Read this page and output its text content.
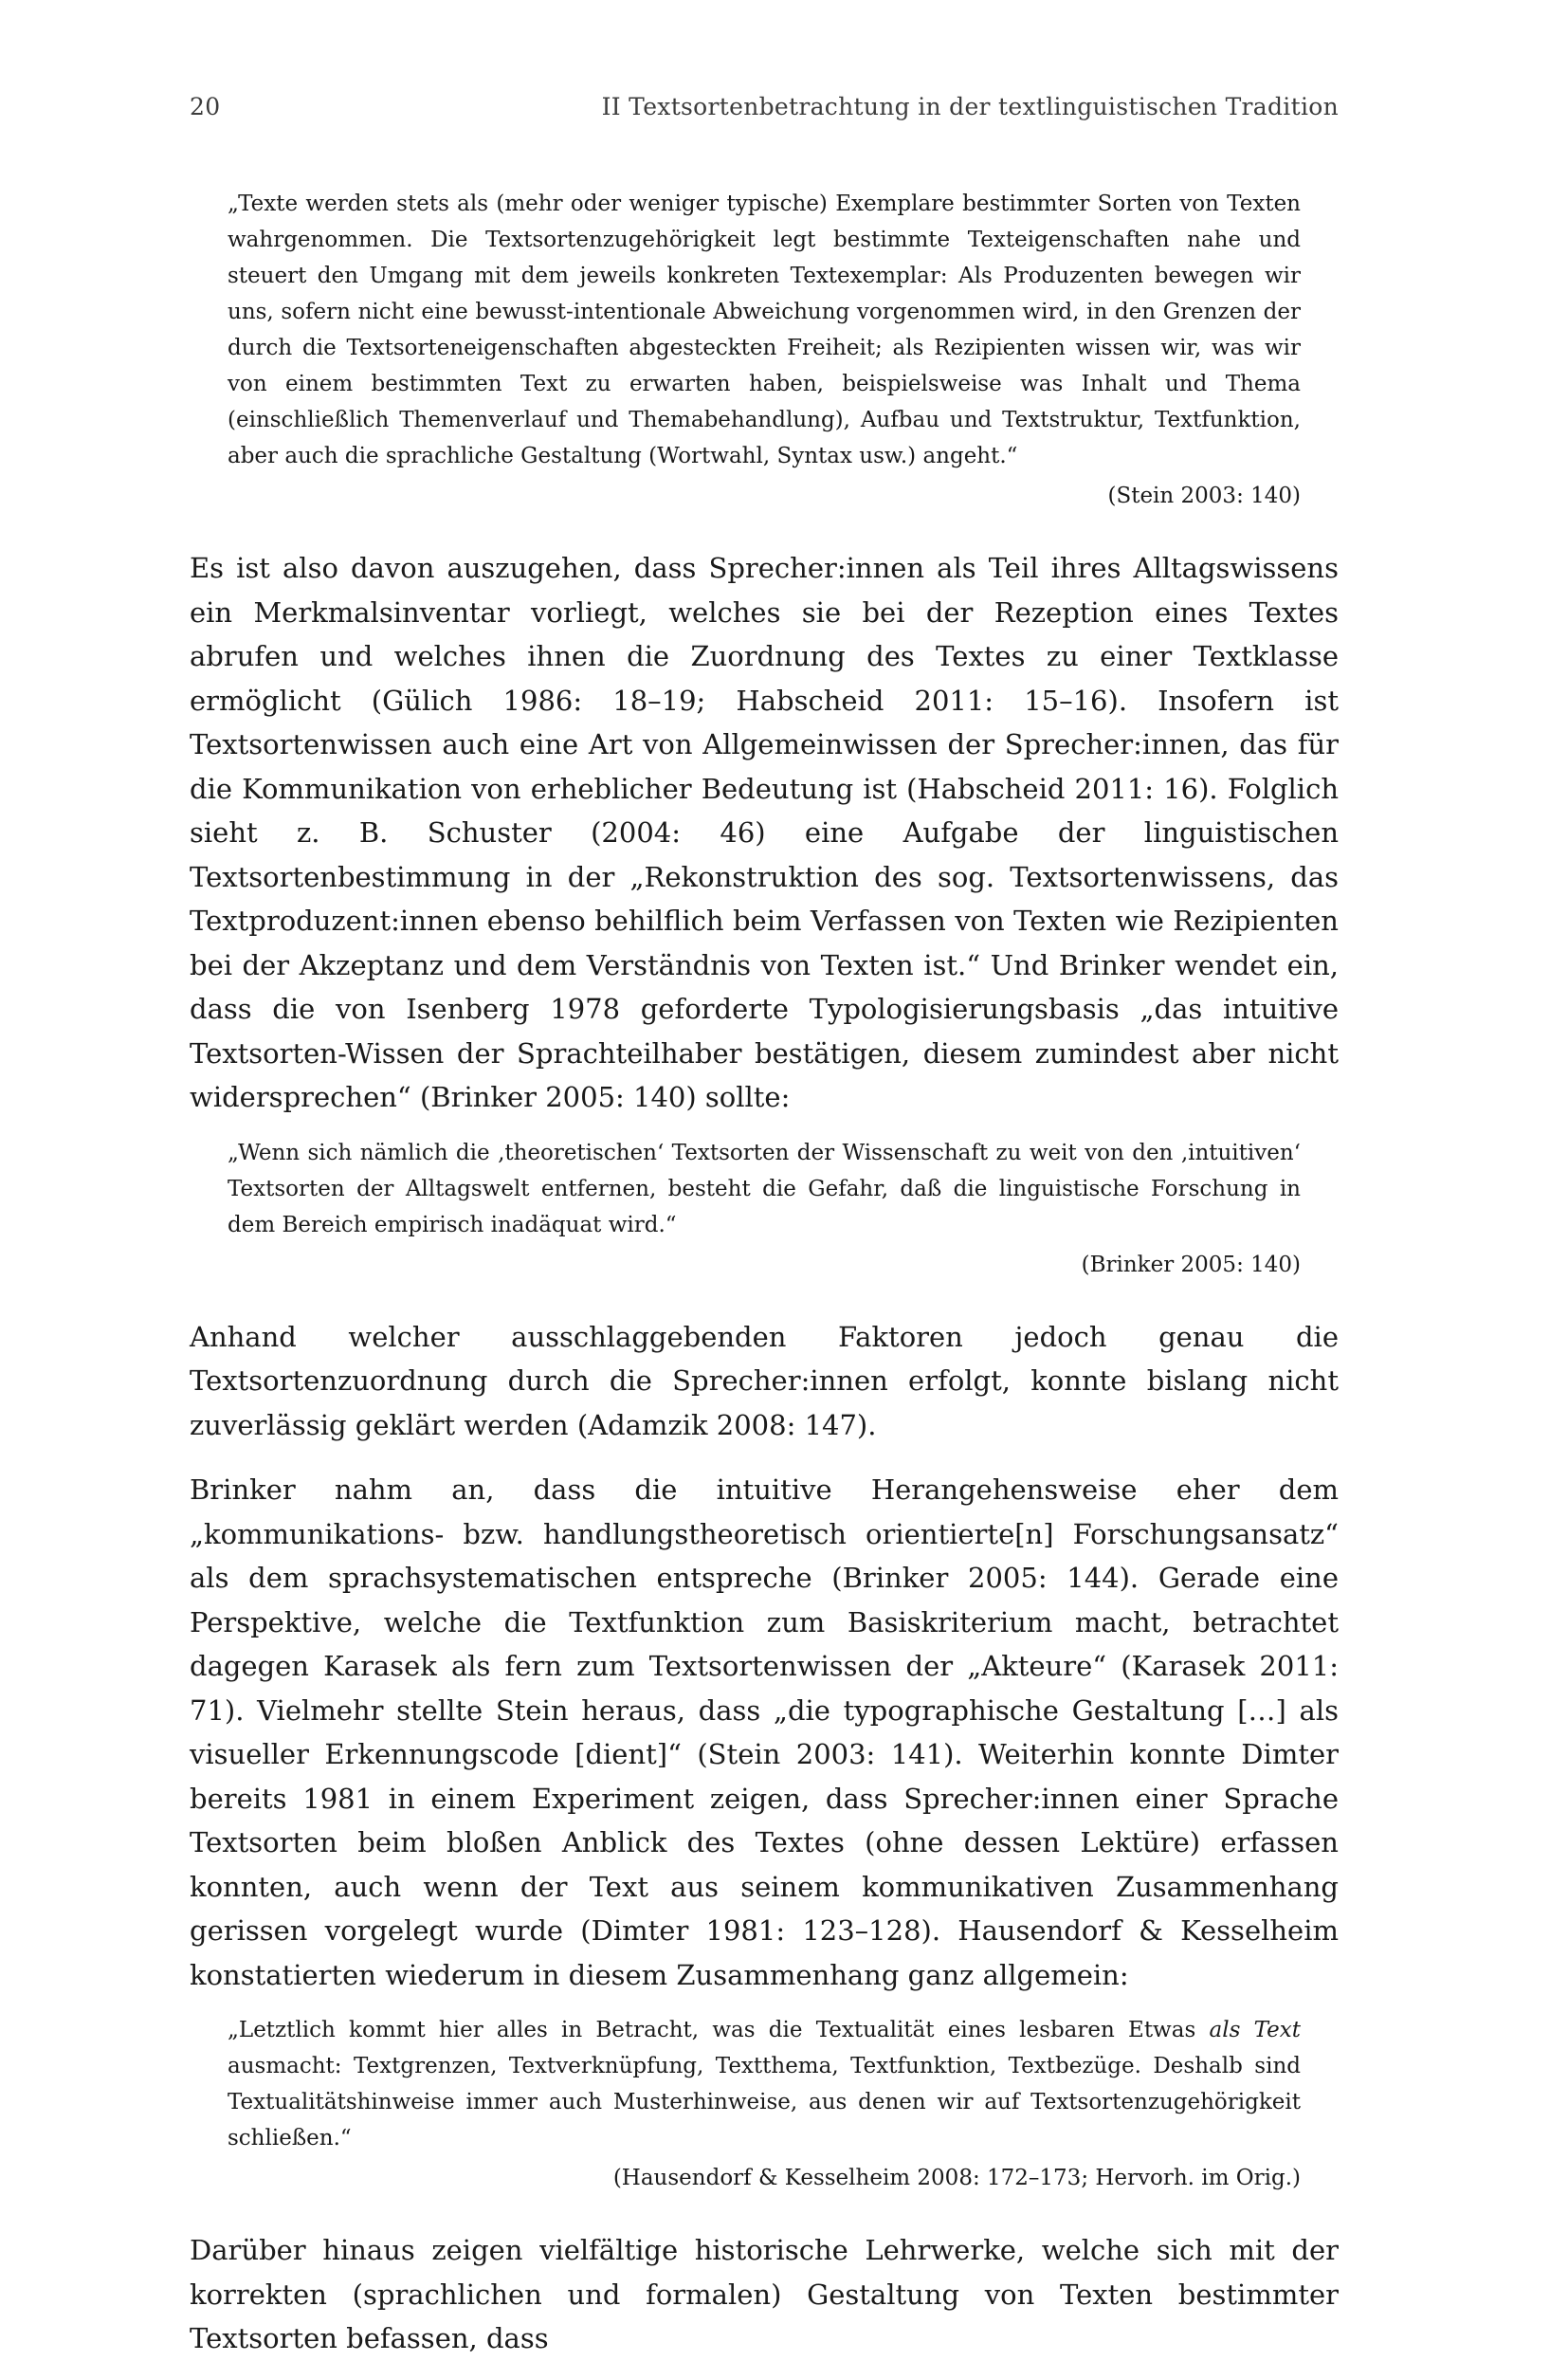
20	II Textsortenbetrachtung in der textlinguistischen Tradition
„Texte werden stets als (mehr oder weniger typische) Exemplare bestimmter Sorten von Texten wahrgenommen. Die Textsortenzugehörigkeit legt bestimmte Texteigenschaften nahe und steuert den Umgang mit dem jeweils konkreten Textexemplar: Als Produzenten bewegen wir uns, sofern nicht eine bewusst-intentionale Abweichung vorgenommen wird, in den Grenzen der durch die Textsorteneigenschaften abgesteckten Freiheit; als Rezipienten wissen wir, was wir von einem bestimmten Text zu erwarten haben, beispielsweise was Inhalt und Thema (einschließlich Themenverlauf und Themabehandlung), Aufbau und Textstruktur, Textfunktion, aber auch die sprachliche Gestaltung (Wortwahl, Syntax usw.) angeht.“
(Stein 2003: 140)

Es ist also davon auszugehen, dass Sprecher:innen als Teil ihres Alltagswissens ein Merkmalsinventar vorliegt, welches sie bei der Rezeption eines Textes abrufen und welches ihnen die Zuordnung des Textes zu einer Textklasse ermöglicht (Gülich 1986: 18–19; Habscheid 2011: 15–16). Insofern ist Textsortenwissen auch eine Art von Allgemeinwissen der Sprecher:innen, das für die Kommunikation von erheblicher Bedeutung ist (Habscheid 2011: 16). Folglich sieht z. B. Schuster (2004: 46) eine Aufgabe der linguistischen Textsortenbestimmung in der „Rekonstruktion des sog. Textsortenwissens, das Textproduzent:innen ebenso behilflich beim Verfassen von Texten wie Rezipienten bei der Akzeptanz und dem Verständnis von Texten ist.“ Und Brinker wendet ein, dass die von Isenberg 1978 geforderte Typologisierungsbasis „das intuitive Textsorten-Wissen der Sprachteilhaber bestätigen, diesem zumindest aber nicht widersprechen“ (Brinker 2005: 140) sollte:

„Wenn sich nämlich die ‚theoretischen‘ Textsorten der Wissenschaft zu weit von den ‚intuitiven‘ Textsorten der Alltagswelt entfernen, besteht die Gefahr, daß die linguistische Forschung in dem Bereich empirisch inadäquat wird.“
(Brinker 2005: 140)

Anhand welcher ausschlaggebenden Faktoren jedoch genau die Textsortenzuordnung durch die Sprecher:innen erfolgt, konnte bislang nicht zuverlässig geklärt werden (Adamzik 2008: 147).

Brinker nahm an, dass die intuitive Herangehensweise eher dem „kommunikations- bzw. handlungstheoretisch orientierte[n] Forschungsansatz“ als dem sprachsystematischen entspreche (Brinker 2005: 144). Gerade eine Perspektive, welche die Textfunktion zum Basiskriterium macht, betrachtet dagegen Karasek als fern zum Textsortenwissen der „Akteure“ (Karasek 2011: 71). Vielmehr stellte Stein heraus, dass „die typographische Gestaltung […] als visueller Erkennungscode [dient]“ (Stein 2003: 141). Weiterhin konnte Dimter bereits 1981 in einem Experiment zeigen, dass Sprecher:innen einer Sprache Textsorten beim bloßen Anblick des Textes (ohne dessen Lektüre) erfassen konnten, auch wenn der Text aus seinem kommunikativen Zusammenhang gerissen vorgelegt wurde (Dimter 1981: 123–128). Hausendorf & Kesselheim konstatierten wiederum in diesem Zusammenhang ganz allgemein:

„Letztlich kommt hier alles in Betracht, was die Textualität eines lesbaren Etwas als Text ausmacht: Textgrenzen, Textverknüpfung, Textthema, Textfunktion, Textbezüge. Deshalb sind Textualitätshinweise immer auch Musterhinweise, aus denen wir auf Textsortenzugehörigkeit schließen.“
(Hausendorf & Kesselheim 2008: 172–173; Hervorh. im Orig.)

Darüber hinaus zeigen vielfältige historische Lehrwerke, welche sich mit der korrekten (sprachlichen und formalen) Gestaltung von Texten bestimmter Textsorten befassen, dass
